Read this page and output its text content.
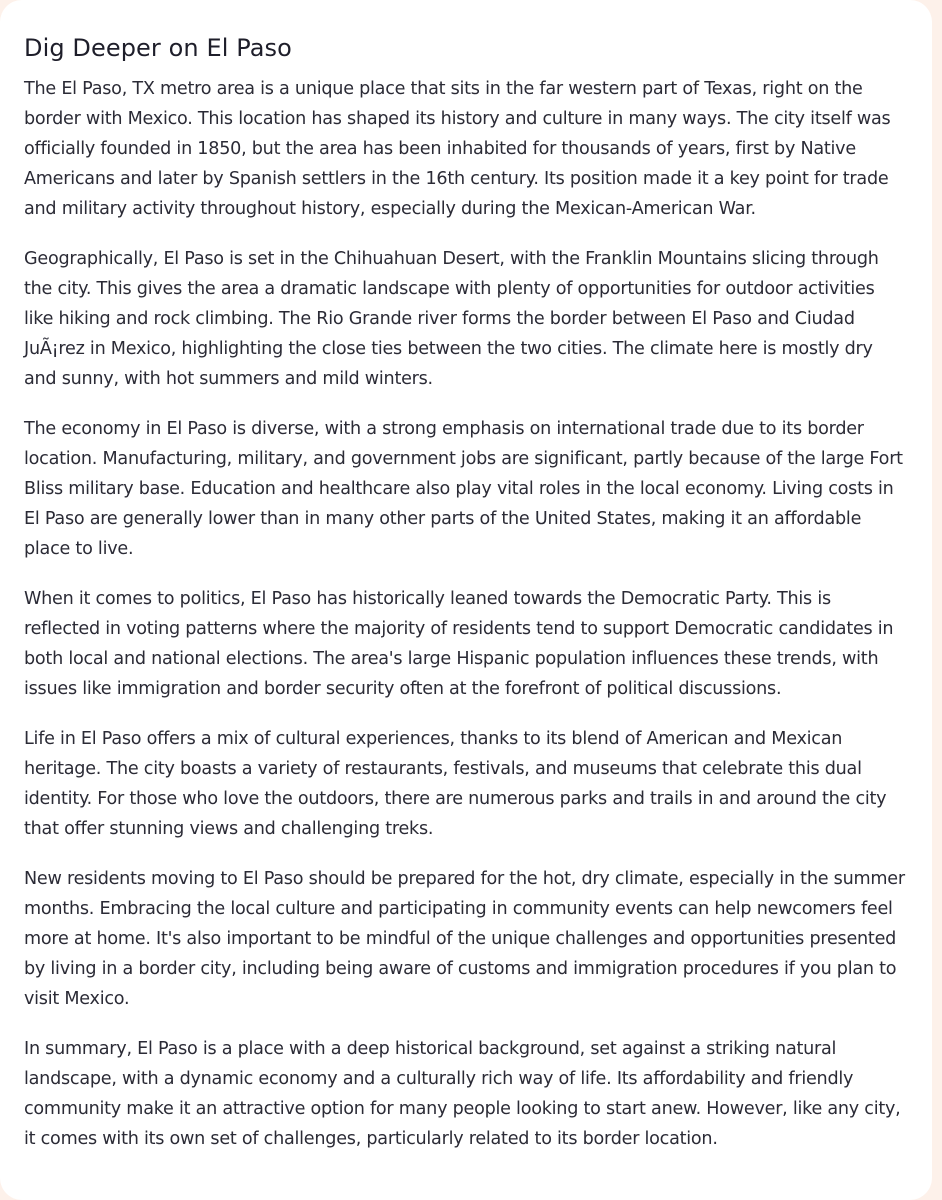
Dig Deeper on El Paso

The El Paso, TX metro area is a unique place that sits in the far western part of Texas, right on the border with Mexico. This location has shaped its history and culture in many ways. The city itself was officially founded in 1850, but the area has been inhabited for thousands of years, first by Native Americans and later by Spanish settlers in the 16th century. Its position made it a key point for trade and military activity throughout history, especially during the Mexican-American War.

Geographically, El Paso is set in the Chihuahuan Desert, with the Franklin Mountains slicing through the city. This gives the area a dramatic landscape with plenty of opportunities for outdoor activities like hiking and rock climbing. The Rio Grande river forms the border between El Paso and Ciudad JuÃ¡rez in Mexico, highlighting the close ties between the two cities. The climate here is mostly dry and sunny, with hot summers and mild winters.

The economy in El Paso is diverse, with a strong emphasis on international trade due to its border location. Manufacturing, military, and government jobs are significant, partly because of the large Fort Bliss military base. Education and healthcare also play vital roles in the local economy. Living costs in El Paso are generally lower than in many other parts of the United States, making it an affordable place to live.

When it comes to politics, El Paso has historically leaned towards the Democratic Party. This is reflected in voting patterns where the majority of residents tend to support Democratic candidates in both local and national elections. The area's large Hispanic population influences these trends, with issues like immigration and border security often at the forefront of political discussions.

Life in El Paso offers a mix of cultural experiences, thanks to its blend of American and Mexican heritage. The city boasts a variety of restaurants, festivals, and museums that celebrate this dual identity. For those who love the outdoors, there are numerous parks and trails in and around the city that offer stunning views and challenging treks.

New residents moving to El Paso should be prepared for the hot, dry climate, especially in the summer months. Embracing the local culture and participating in community events can help newcomers feel more at home. It's also important to be mindful of the unique challenges and opportunities presented by living in a border city, including being aware of customs and immigration procedures if you plan to visit Mexico.

In summary, El Paso is a place with a deep historical background, set against a striking natural landscape, with a dynamic economy and a culturally rich way of life. Its affordability and friendly community make it an attractive option for many people looking to start anew. However, like any city, it comes with its own set of challenges, particularly related to its border location.
